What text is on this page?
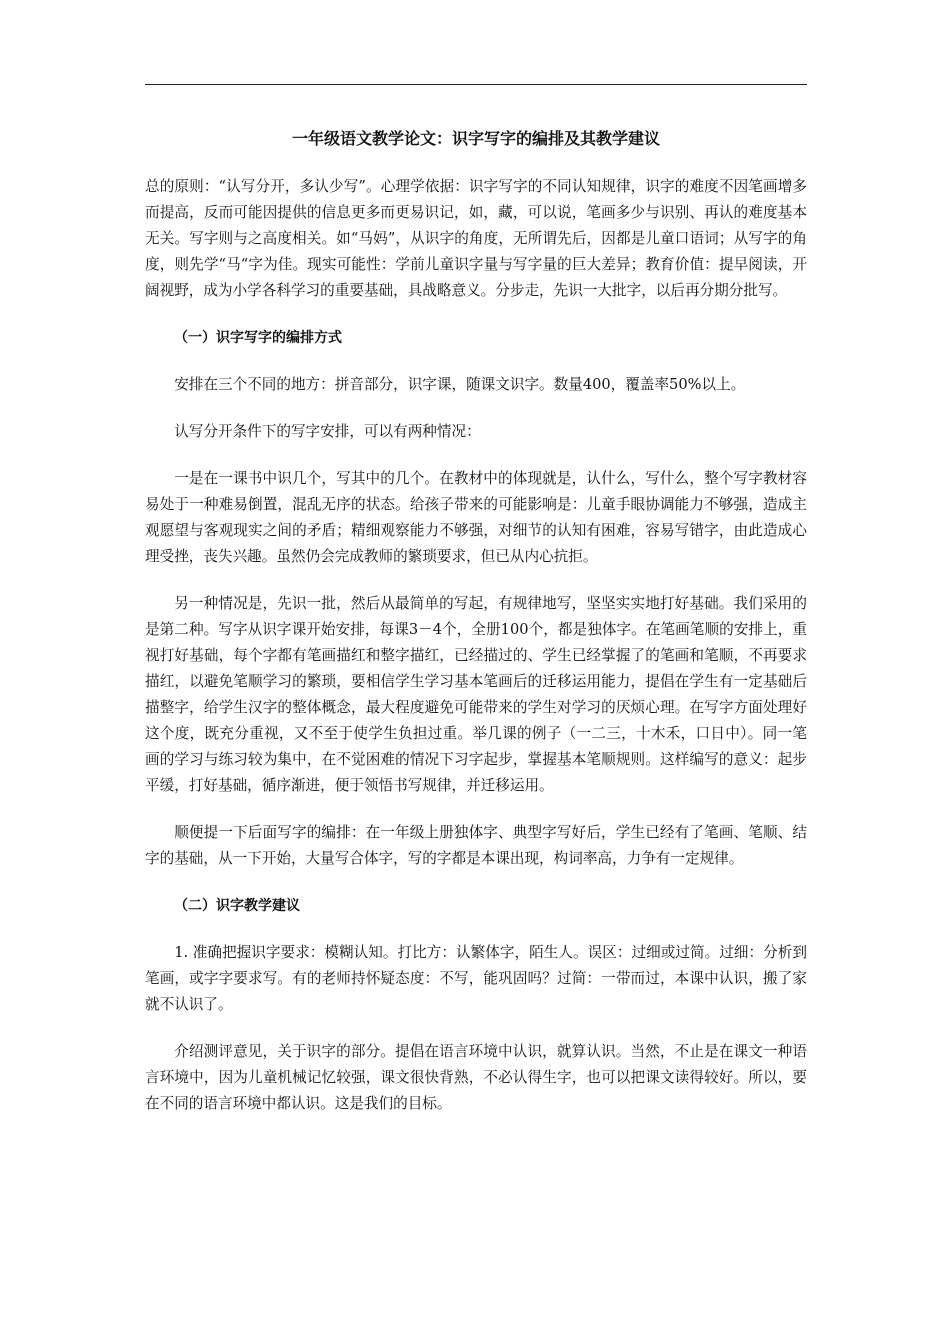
一年级语文教学论文：识字写字的编排及其教学建议

总的原则：“认写分开，多认少写”。心理学依据：识字写字的不同认知规律，识字的难度不因笔画增多而提高，反而可能因提供的信息更多而更易识记，如，藏，可以说，笔画多少与识别、再认的难度基本无关。写字则与之高度相关。如“马妈”，从识字的角度，无所谓先后，因都是儿童口语词；从写字的角度，则先学“马“字为佳。现实可能性：学前儿童识字量与写字量的巨大差异；教育价值：提早阅读，开阔视野，成为小学各科学习的重要基础，具战略意义。分步走，先识一大批字，以后再分期分批写。

（一）识字写字的编排方式

安排在三个不同的地方：拼音部分，识字课，随课文识字。数量400，覆盖率50%以上。

认写分开条件下的写字安排，可以有两种情况：

一是在一课书中识几个，写其中的几个。在教材中的体现就是，认什么，写什么，整个写字教材容易处于一种难易倒置，混乱无序的状态。给孩子带来的可能影响是：儿童手眼协调能力不够强，造成主观愿望与客观现实之间的矛盾；精细观察能力不够强，对细节的认知有困难，容易写错字，由此造成心理受挫，丧失兴趣。虽然仍会完成教师的繁琐要求，但已从内心抗拒。

另一种情况是，先识一批，然后从最简单的写起，有规律地写，坚坚实实地打好基础。我们采用的是第二种。写字从识字课开始安排，每课3－4个，全册100个，都是独体字。在笔画笔顺的安排上，重视打好基础，每个字都有笔画描红和整字描红，已经描过的、学生已经掌握了的笔画和笔顺，不再要求描红，以避免笔顺学习的繁琐，要相信学生学习基本笔画后的迁移运用能力，提倡在学生有一定基础后描整字，给学生汉字的整体概念，最大程度避免可能带来的学生对学习的厌烦心理。在写字方面处理好这个度，既充分重视，又不至于使学生负担过重。举几课的例子（一二三，十木禾，口日中）。同一笔画的学习与练习较为集中，在不觉困难的情况下习字起步，掌握基本笔顺规则。这样编写的意义：起步平缓，打好基础，循序渐进，便于领悟书写规律，并迁移运用。

顺便提一下后面写字的编排：在一年级上册独体字、典型字写好后，学生已经有了笔画、笔顺、结字的基础，从一下开始，大量写合体字，写的字都是本课出现，构词率高，力争有一定规律。

（二）识字教学建议

1. 准确把握识字要求：模糊认知。打比方：认繁体字，陌生人。误区：过细或过简。过细：分析到笔画，或字字要求写。有的老师持怀疑态度：不写，能巩固吗？过简：一带而过，本课中认识，搬了家就不认识了。

介绍测评意见，关于识字的部分。提倡在语言环境中认识，就算认识。当然，不止是在课文一种语言环境中，因为儿童机械记忆较强，课文很快背熟，不必认得生字，也可以把课文读得较好。所以，要在不同的语言环境中都认识。这是我们的目标。
